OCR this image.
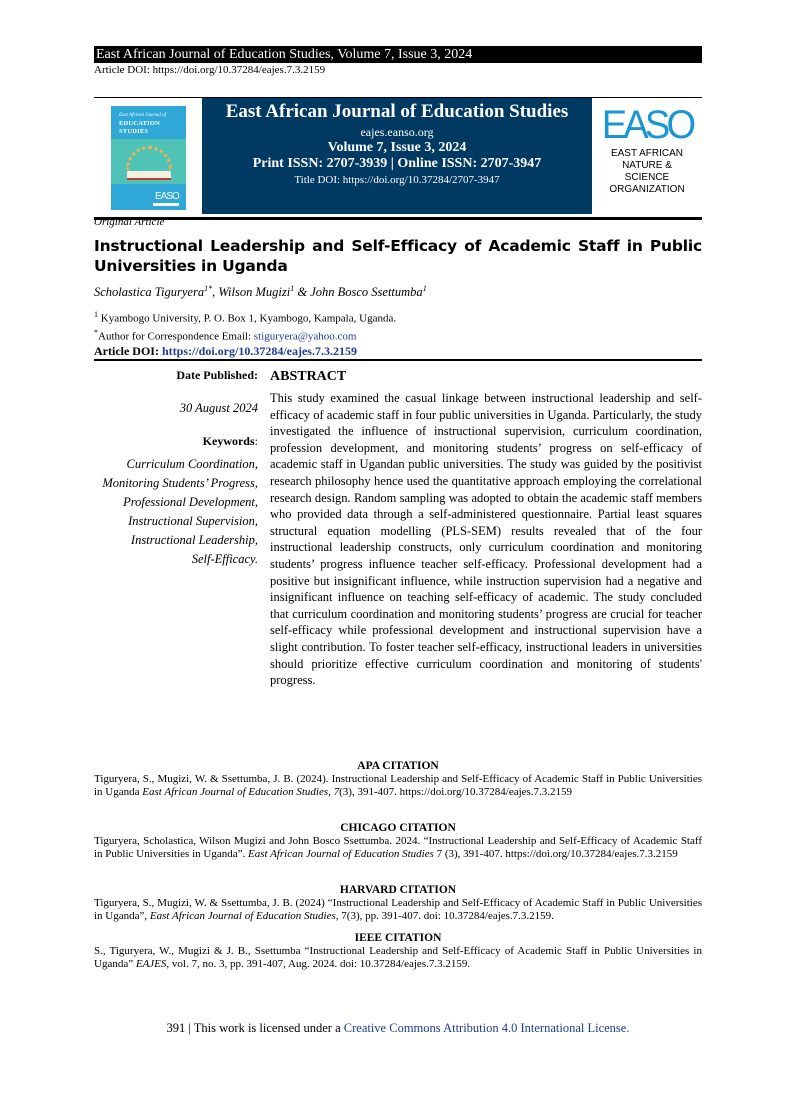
East African Journal of Education Studies, Volume 7, Issue 3, 2024
Article DOI: https://doi.org/10.37284/eajes.7.3.2159
East African Journal of
EDUCATION
STUDIES
EASO
East African Journal of Education Studies
eajes.eanso.org
Volume 7, Issue 3, 2024
Print ISSN: 2707-3939 | Online ISSN: 2707-3947
Title DOI: https://doi.org/10.37284/2707-3947
EASO
EAST AFRICAN
NATURE &
SCIENCE
ORGANIZATION
Original Article
Instructional Leadership and Self-Efficacy of Academic Staff in Public Universities in Uganda
Scholastica Tiguryera$^{1*}$, Wilson Mugizi$^1$ & John Bosco Ssettumba$^1$
$^1$ Kyambogo University, P. O. Box 1, Kyambogo, Kampala, Uganda.
*Author for Correspondence Email: stiguryera@yahoo.com
Article DOI: https://doi.org/10.37284/eajes.7.3.2159
Date Published:
30 August 2024
Keywords:
Curriculum Coordination,
Monitoring Students’ Progress,
Professional Development,
Instructional Supervision,
Instructional Leadership,
Self-Efficacy.
ABSTRACT
This study examined the casual linkage between instructional leadership and self-efficacy of academic staff in four public universities in Uganda. Particularly, the study investigated the influence of instructional supervision, curriculum coordination, profession development, and monitoring students’ progress on self-efficacy of academic staff in Ugandan public universities. The study was guided by the positivist research philosophy hence used the quantitative approach employing the correlational research design. Random sampling was adopted to obtain the academic staff members who provided data through a self-administered questionnaire. Partial least squares structural equation modelling (PLS-SEM) results revealed that of the four instructional leadership constructs, only curriculum coordination and monitoring students’ progress influence teacher self-efficacy. Professional development had a positive but insignificant influence, while instruction supervision had a negative and insignificant influence on teaching self-efficacy of academic. The study concluded that curriculum coordination and monitoring students’ progress are crucial for teacher self-efficacy while professional development and instructional supervision have a slight contribution. To foster teacher self-efficacy, instructional leaders in universities should prioritize effective curriculum coordination and monitoring of students' progress.
APA CITATION
Tiguryera, S., Mugizi, W. & Ssettumba, J. B. (2024). Instructional Leadership and Self-Efficacy of Academic Staff in Public Universities in Uganda East African Journal of Education Studies, 7(3), 391-407. https://doi.org/10.37284/eajes.7.3.2159
CHICAGO CITATION
Tiguryera, Scholastica, Wilson Mugizi and John Bosco Ssettumba. 2024. “Instructional Leadership and Self-Efficacy of Academic Staff in Public Universities in Uganda”. East African Journal of Education Studies 7 (3), 391-407. https://doi.org/10.37284/eajes.7.3.2159
HARVARD CITATION
Tiguryera, S., Mugizi, W. & Ssettumba, J. B. (2024) “Instructional Leadership and Self-Efficacy of Academic Staff in Public Universities in Uganda”, East African Journal of Education Studies, 7(3), pp. 391-407. doi: 10.37284/eajes.7.3.2159.
IEEE CITATION
S., Tiguryera, W., Mugizi & J. B., Ssettumba “Instructional Leadership and Self-Efficacy of Academic Staff in Public Universities in Uganda” EAJES, vol. 7, no. 3, pp. 391-407, Aug. 2024. doi: 10.37284/eajes.7.3.2159.
391 | This work is licensed under a Creative Commons Attribution 4.0 International License.
